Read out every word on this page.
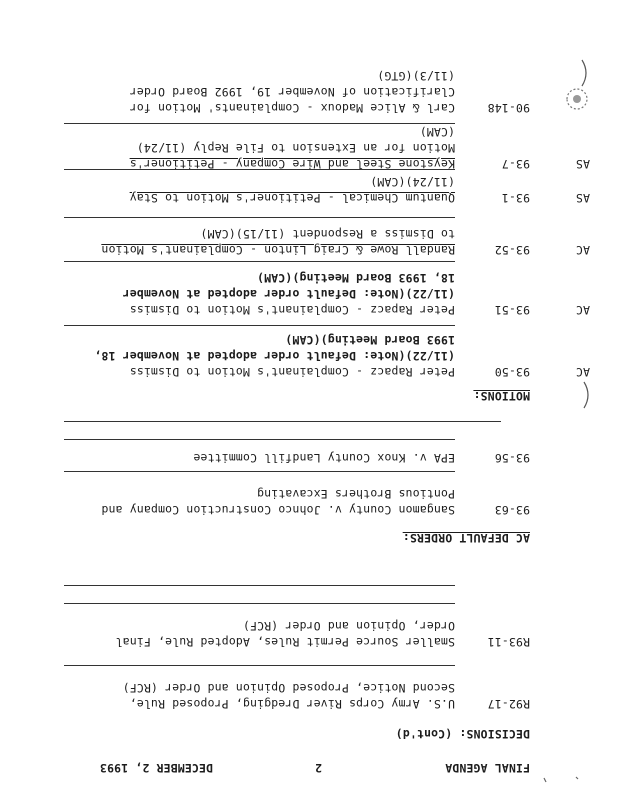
FINAL AGENDA
2
DECEMBER 2, 1993
DECISIONS: (Cont'd)
R92-17
U.S. Army Corps River Dredging, Proposed Rule,
Second Notice, Proposed Opinion and Order (RCF)
R93-11
Smaller Source Permit Rules, Adopted Rule, Final
Order, Opinion and Order (RCF)
AC DEFAULT ORDERS:
93-63
Sangamon County v. Johnco Construction Company and
Pontious Brothers Excavating
93-56
EPA v. Knox County Landfill Committee
MOTIONS:
AC
93-50
Peter Rapacz - Complainant's Motion to Dismiss
(11/22)(Note: Default order adopted at November 18,
1993 Board Meeting)(CAM)
AC
93-51
Peter Rapacz - Complainant's Motion to Dismiss
(11/22)(Note: Default order adopted at November
18, 1993 Board Meeting)(CAM)
AC
93-52
Randall Rowe & Craig Linton - Complainant's Motion
to Dismiss a Respondent (11/15)(CAM)
AS
93-1
Quantum Chemical - Petitioner's Motion to Stay
(11/24)(CAM)
AS
93-7
Keystone Steel and Wire Company - Petitioner's
Motion for an Extension to File Reply (11/24)
(CAM)
90-148
Carl & Alice Madoux - Complainants' Motion for
Clarification of November 19, 1992 Board Order
(11/3)(GTG)
